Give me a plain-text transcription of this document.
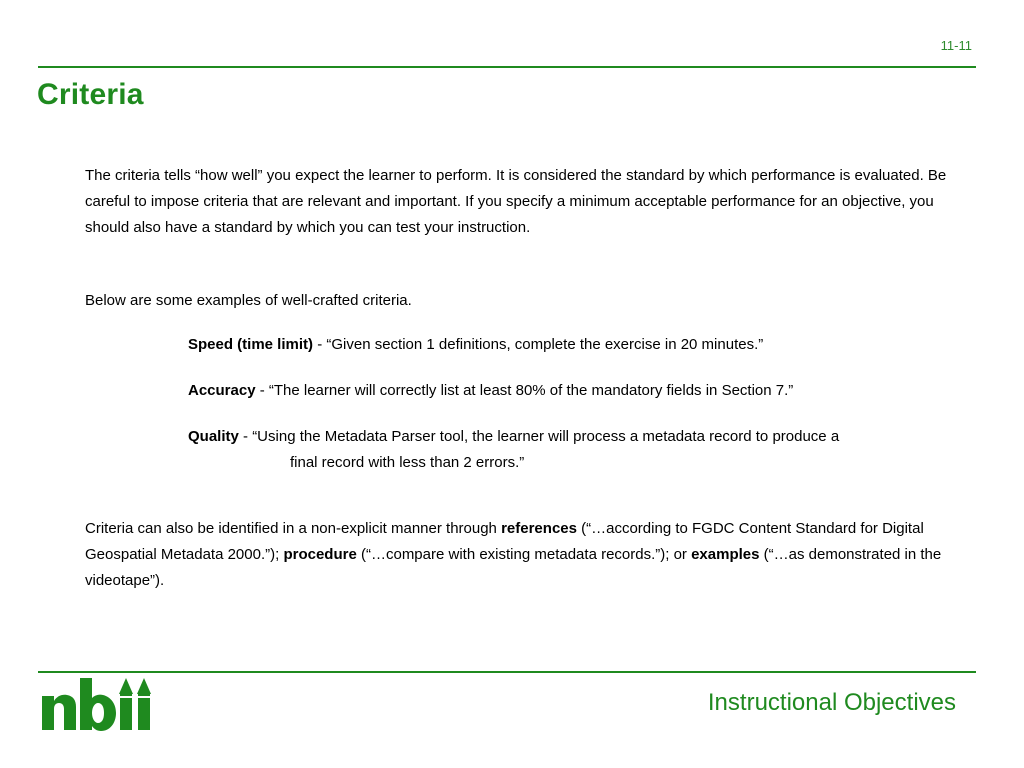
11-11
Criteria
The criteria tells “how well” you expect the learner to perform. It is considered the standard by which performance is evaluated. Be careful to impose criteria that are relevant and important. If you specify a minimum acceptable performance for an objective, you should also have a standard by which you can test your instruction.
Below are some examples of well-crafted criteria.
Speed (time limit) - “Given section 1 definitions, complete the exercise in 20 minutes.”
Accuracy - “The learner will correctly list at least 80% of the mandatory fields in Section 7.”
Quality - “Using the Metadata Parser tool, the learner will process a metadata record to produce a
final record with less than 2 errors.”
Criteria can also be identified in a non-explicit manner through references (“…according to FGDC Content Standard for Digital Geospatial Metadata 2000.”); procedure (“…compare with existing metadata records.”); or examples (“…as demonstrated in the videotape”).
Instructional Objectives
